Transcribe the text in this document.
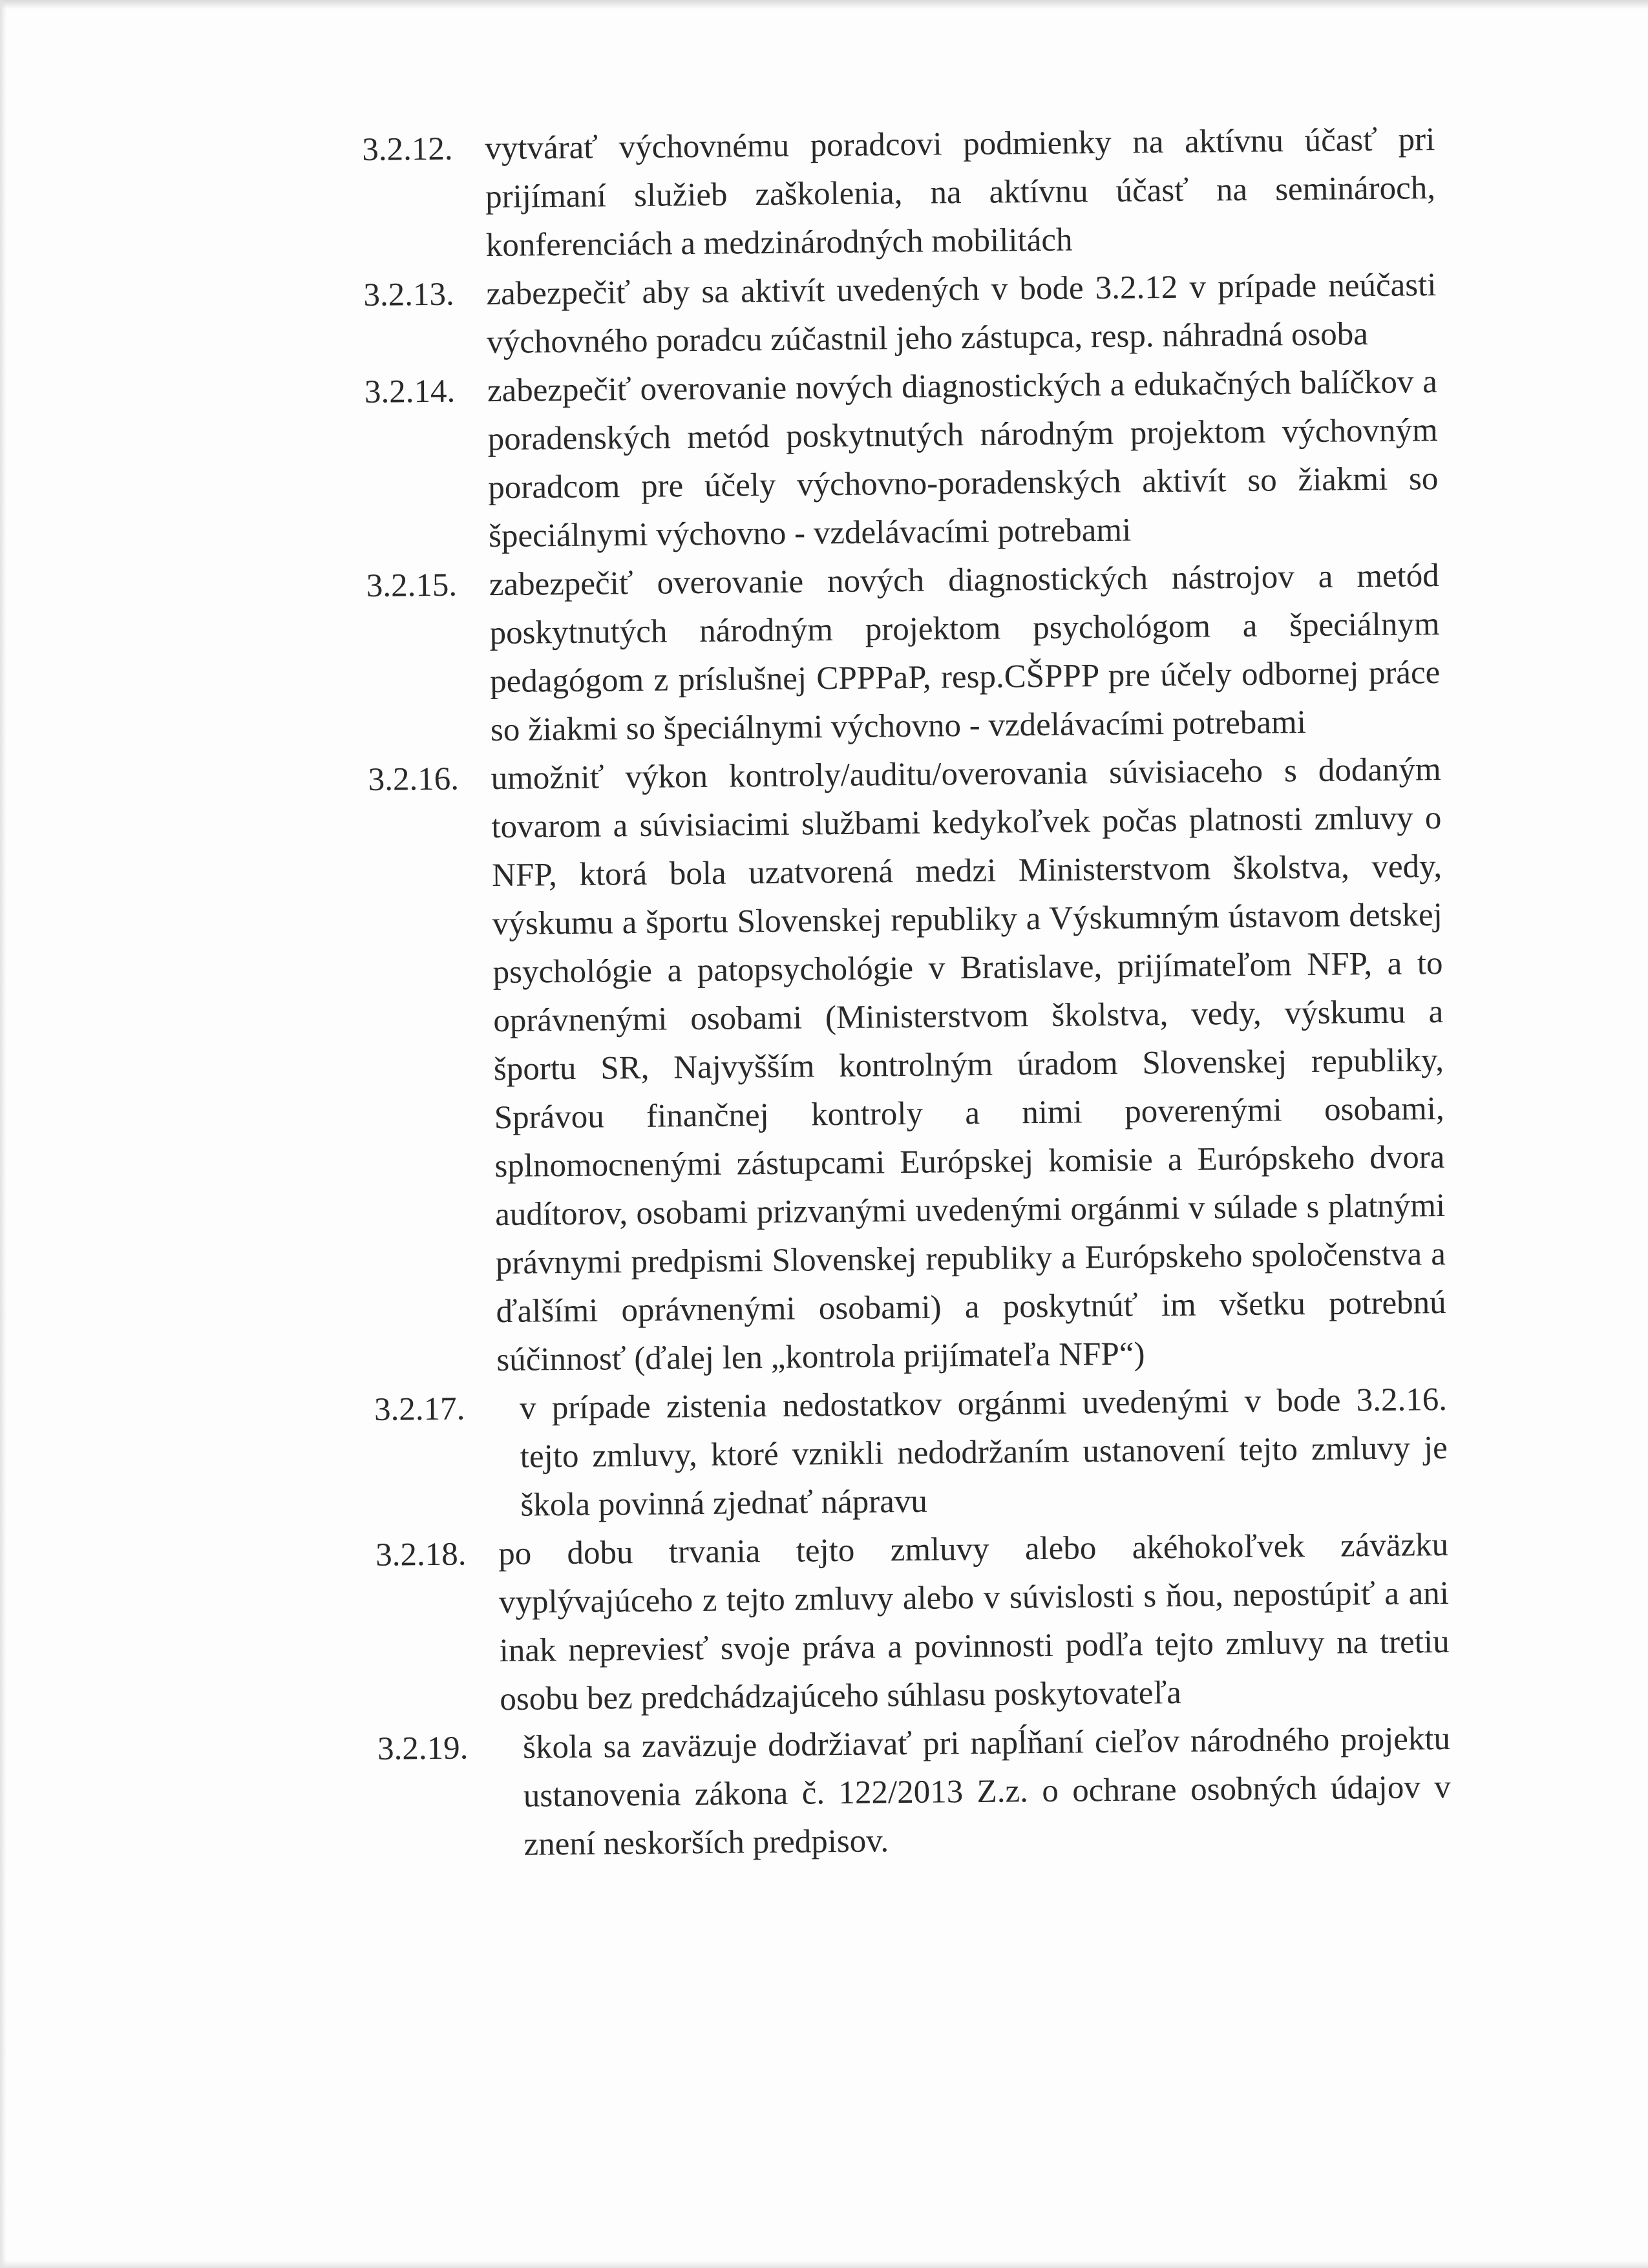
3.2.12. vytvárať výchovnému poradcovi podmienky na aktívnu účasť pri prijímaní služieb zaškolenia, na aktívnu účasť na seminároch, konferenciách a medzinárodných mobilitách
3.2.13. zabezpečiť aby sa aktivít uvedených v bode 3.2.12 v prípade neúčasti výchovného poradcu zúčastnil jeho zástupca, resp. náhradná osoba
3.2.14. zabezpečiť overovanie nových diagnostických a edukačných balíčkov a poradenských metód poskytnutých národným projektom výchovným poradcom pre účely výchovno-poradenských aktivít so žiakmi so špeciálnymi výchovno - vzdelávacími potrebami
3.2.15. zabezpečiť overovanie nových diagnostických nástrojov a metód poskytnutých národným projektom psychológom a špeciálnym pedagógom z príslušnej CPPPaP, resp.CŠPPP pre účely odbornej práce so žiakmi so špeciálnymi výchovno - vzdelávacími potrebami
3.2.16. umožniť výkon kontroly/auditu/overovania súvisiaceho s dodaným tovarom a súvisiacimi službami kedykoľvek počas platnosti zmluvy o NFP, ktorá bola uzatvorená medzi Ministerstvom školstva, vedy, výskumu a športu Slovenskej republiky a Výskumným ústavom detskej psychológie a patopsychológie v Bratislave, prijímateľom NFP, a to oprávnenými osobami (Ministerstvom školstva, vedy, výskumu a športu SR, Najvyšším kontrolným úradom Slovenskej republiky, Správou finančnej kontroly a nimi poverenými osobami, splnomocnenými zástupcami Európskej komisie a Európskeho dvora audítorov, osobami prizvanými uvedenými orgánmi v súlade s platnými právnymi predpismi Slovenskej republiky a Európskeho spoločenstva a ďalšími oprávnenými osobami) a poskytnúť im všetku potrebnú súčinnosť (ďalej len „kontrola prijímateľa NFP“)
3.2.17.	v prípade zistenia nedostatkov orgánmi uvedenými v bode 3.2.16. tejto zmluvy, ktoré vznikli nedodržaním ustanovení tejto zmluvy je škola povinná zjednať nápravu
3.2.18. po dobu trvania tejto zmluvy alebo akéhokoľvek záväzku vyplývajúceho z tejto zmluvy alebo v súvislosti s ňou, nepostúpiť a ani inak nepreviesť svoje práva a povinnosti podľa tejto zmluvy na tretiu osobu bez predchádzajúceho súhlasu poskytovateľa
3.2.19.	škola sa zaväzuje dodržiavať pri napĺňaní cieľov národného projektu ustanovenia zákona č. 122/2013 Z.z. o ochrane osobných údajov v znení neskorších predpisov.
